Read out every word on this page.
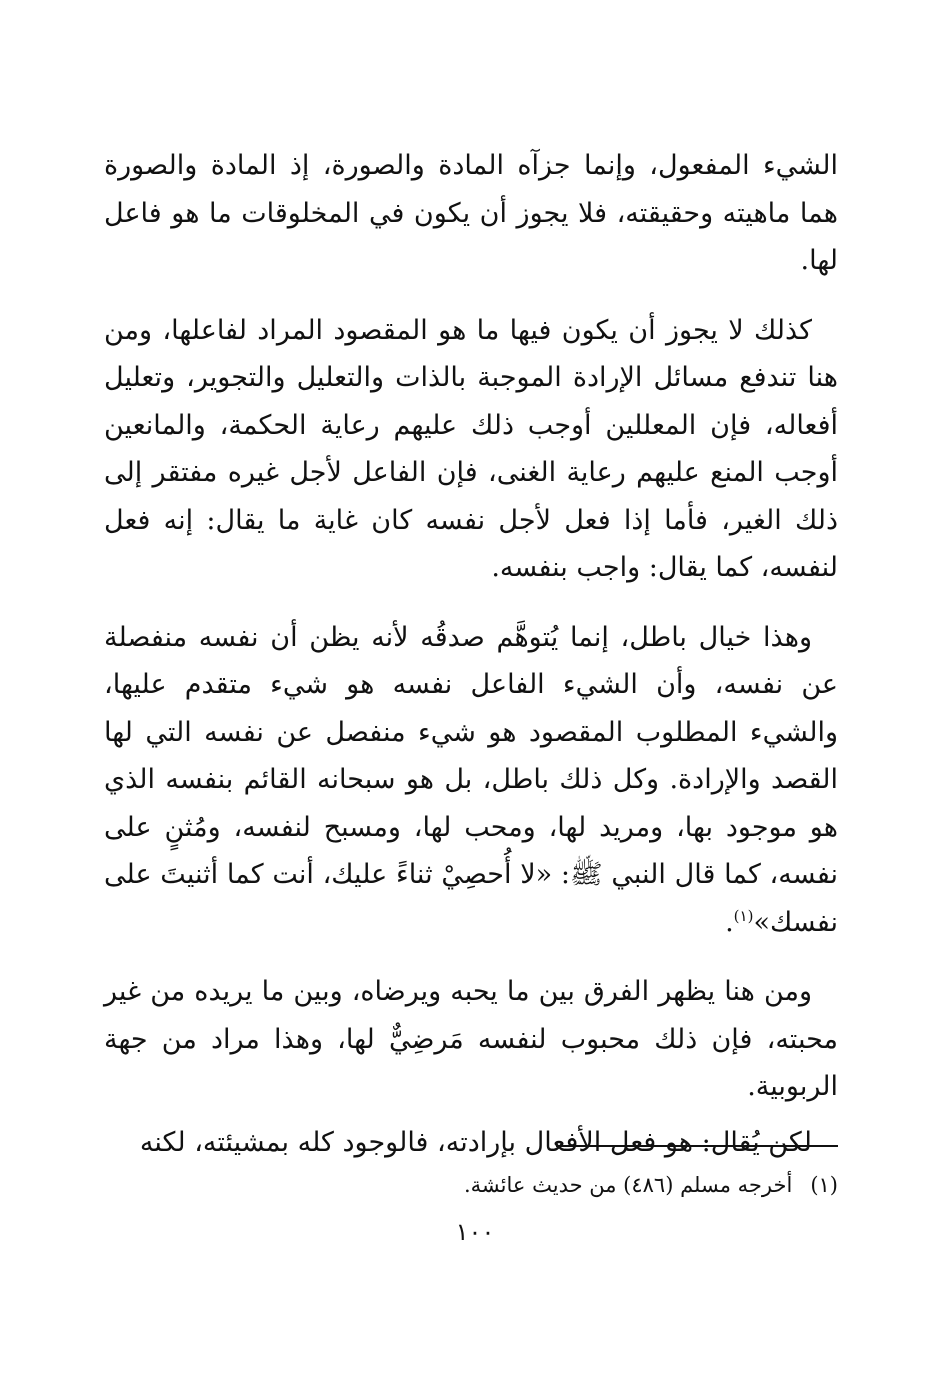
الشيء المفعول، وإنما جزآه المادة والصورة، إذ المادة والصورة هما ماهيته وحقيقته، فلا يجوز أن يكون في المخلوقات ما هو فاعل لها.

كذلك لا يجوز أن يكون فيها ما هو المقصود المراد لفاعلها، ومن هنا تندفع مسائل الإرادة الموجبة بالذات والتعليل والتجوير، وتعليل أفعاله، فإن المعللين أوجب ذلك عليهم رعاية الحكمة، والمانعين أوجب المنع عليهم رعاية الغنى، فإن الفاعل لأجل غيره مفتقر إلى ذلك الغير، فأما إذا فعل لأجل نفسه كان غاية ما يقال: إنه فعل لنفسه، كما يقال: واجب بنفسه.

وهذا خيال باطل، إنما يُتوهَّم صدقُه لأنه يظن أن نفسه منفصلة عن نفسه، وأن الشيء الفاعل نفسه هو شيء متقدم عليها، والشيء المطلوب المقصود هو شيء منفصل عن نفسه التي لها القصد والإرادة. وكل ذلك باطل، بل هو سبحانه القائم بنفسه الذي هو موجود بها، ومريد لها، ومحب لها، ومسبح لنفسه، ومُثنٍ على نفسه، كما قال النبي ﷺ: «لا أُحصِيْ ثناءً عليك، أنت كما أثنيتَ على نفسك»$^{(١)}$.

ومن هنا يظهر الفرق بين ما يحبه ويرضاه، وبين ما يريده من غير محبته، فإن ذلك محبوب لنفسه مَرضِيٌّ لها، وهذا مراد من جهة الربوبية.

لكن يُقال: هو فعل الأفعال بإرادته، فالوجود كله بمشيئته، لكنه

(١)أخرجه مسلم (٤٨٦) من حديث عائشة.
١٠٠
